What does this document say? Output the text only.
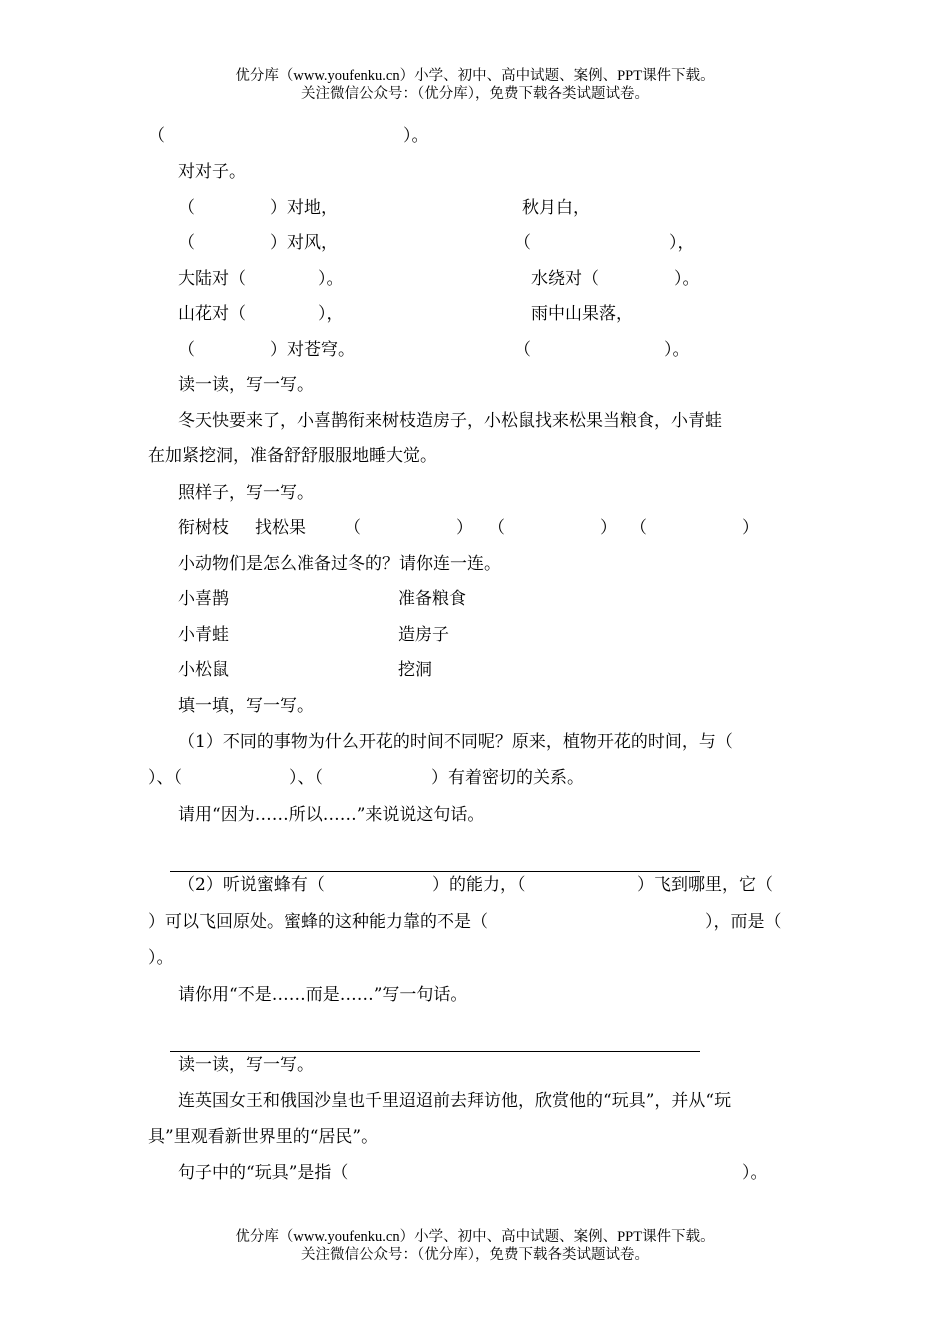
优分库（www.youfenku.cn）小学、初中、高中试题、案例、PPT课件下载。
关注微信公众号：（优分库），免费下载各类试题试卷。
（	）。
对对子。
（	）对地，	秋月白，
（	）对风，	（	），
大陆对（	）。	水绕对（	）。
山花对（	），	雨中山果落，
（	）对苍穹。	（	）。
读一读，写一写。
冬天快要来了，小喜鹊衔来树枝造房子，小松鼠找来松果当粮食，小青蛙
在加紧挖洞，准备舒舒服服地睡大觉。
照样子，写一写。
衔树枝 找松果 （	） （	） （	）
小动物们是怎么准备过冬的？请你连一连。
小喜鹊	准备粮食
小青蛙	造房子
小松鼠	挖洞
填一填，写一写。
（1）不同的事物为什么开花的时间不同呢？原来，植物开花的时间，与（
）、（	）、（	）有着密切的关系。
请用“因为……所以……”来说说这句话。
（2）听说蜜蜂有（	）的能力，（	）飞到哪里，它（
）可以飞回原处。蜜蜂的这种能力靠的不是（	），而是（
）。
请你用“不是……而是……”写一句话。
读一读，写一写。
连英国女王和俄国沙皇也千里迢迢前去拜访他，欣赏他的“玩具”，并从“玩
具”里观看新世界里的“居民”。
句子中的“玩具”是指（	）。
优分库（www.youfenku.cn）小学、初中、高中试题、案例、PPT课件下载。
关注微信公众号：（优分库），免费下载各类试题试卷。
